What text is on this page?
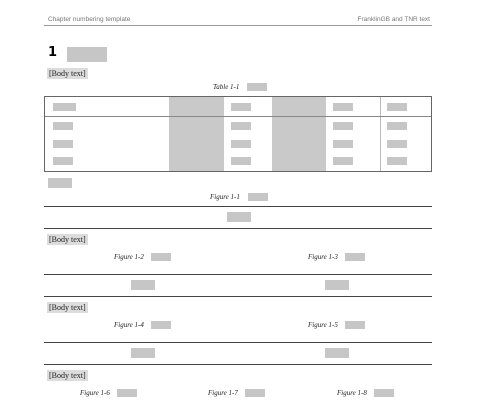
Chapter numbering template	FranklinGB and TNR text
1
[Body text]
Table 1-1
Figure 1-1
[Body text]
Figure 1-2	Figure 1-3
[Body text]
Figure 1-4	Figure 1-5
[Body text]
Figure 1-6	Figure 1-7	Figure 1-8
